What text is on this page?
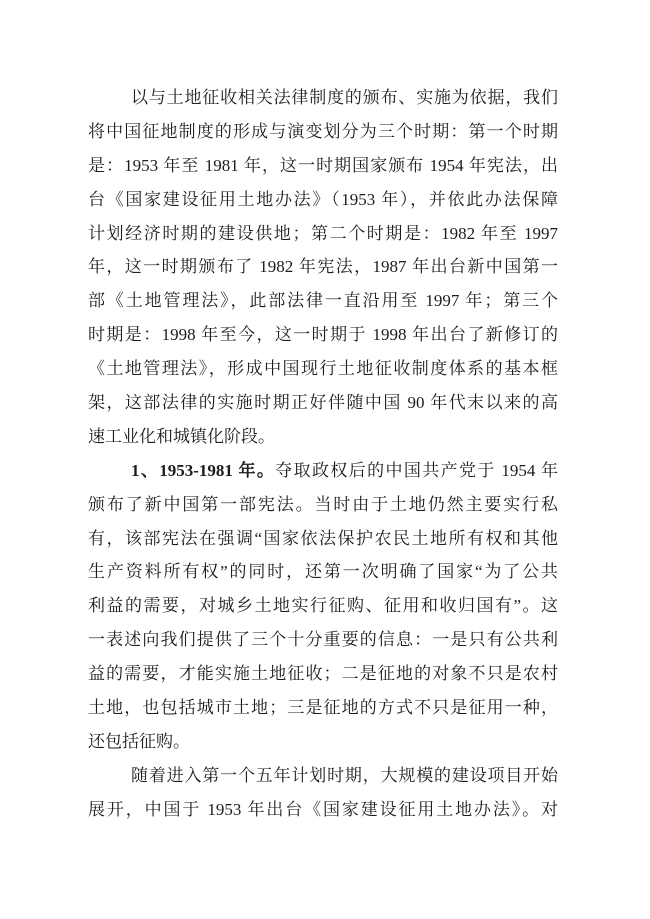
以与土地征收相关法律制度的颁布、实施为依据，我们
将中国征地制度的形成与演变划分为三个时期：第一个时期
是：1953 年至 1981 年，这一时期国家颁布 1954 年宪法，出
台《国家建设征用土地办法》（1953 年），并依此办法保障
计划经济时期的建设供地；第二个时期是：1982 年至 1997
年，这一时期颁布了 1982 年宪法，1987 年出台新中国第一
部《土地管理法》，此部法律一直沿用至 1997 年；第三个
时期是：1998 年至今，这一时期于 1998 年出台了新修订的
《土地管理法》，形成中国现行土地征收制度体系的基本框
架，这部法律的实施时期正好伴随中国 90 年代末以来的高
速工业化和城镇化阶段。
1、1953-1981 年。夺取政权后的中国共产党于 1954 年
颁布了新中国第一部宪法。当时由于土地仍然主要实行私
有，该部宪法在强调“国家依法保护农民土地所有权和其他
生产资料所有权”的同时，还第一次明确了国家“为了公共
利益的需要，对城乡土地实行征购、征用和收归国有”。这
一表述向我们提供了三个十分重要的信息：一是只有公共利
益的需要，才能实施土地征收；二是征地的对象不只是农村
土地，也包括城市土地；三是征地的方式不只是征用一种，
还包括征购。
随着进入第一个五年计划时期，大规模的建设项目开始
展开，中国于 1953 年出台《国家建设征用土地办法》。对
